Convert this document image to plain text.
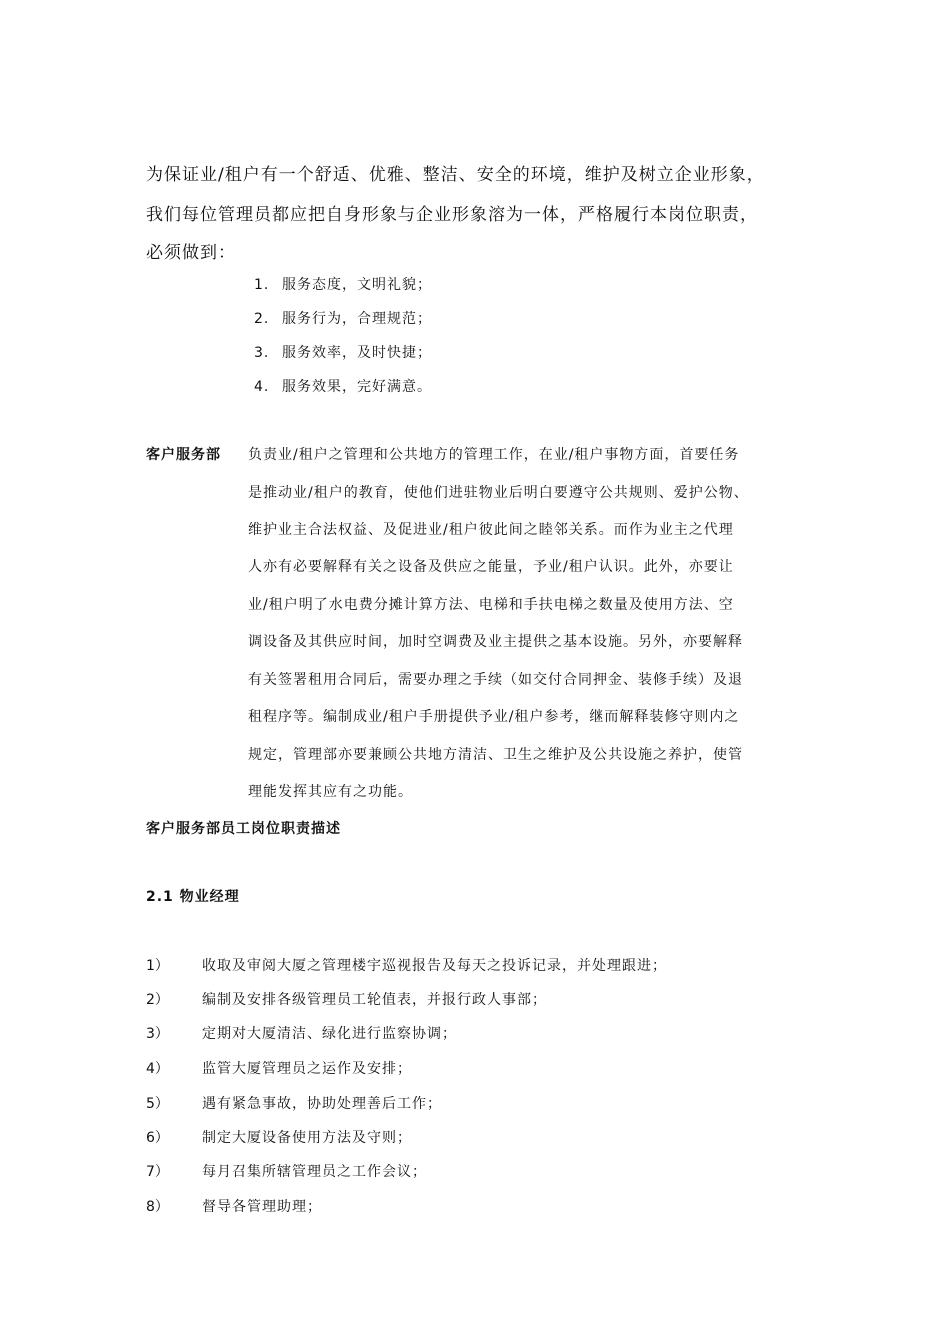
为保证业/租户有一个舒适、优雅、整洁、安全的环境，维护及树立企业形象，
我们每位管理员都应把自身形象与企业形象溶为一体，严格履行本岗位职责，
必须做到：
1. 服务态度，文明礼貌；
2. 服务行为，合理规范；
3. 服务效率，及时快捷；
4. 服务效果，完好满意。
客户服务部 负责业/租户之管理和公共地方的管理工作，在业/租户事物方面，首要任务
是推动业/租户的教育，使他们进驻物业后明白要遵守公共规则、爱护公物、
维护业主合法权益、及促进业/租户彼此间之睦邻关系。而作为业主之代理
人亦有必要解释有关之设备及供应之能量，予业/租户认识。此外，亦要让
业/租户明了水电费分摊计算方法、电梯和手扶电梯之数量及使用方法、空
调设备及其供应时间，加时空调费及业主提供之基本设施。另外，亦要解释
有关签署租用合同后，需要办理之手续（如交付合同押金、装修手续）及退
租程序等。编制成业/租户手册提供予业/租户参考，继而解释装修守则内之
规定，管理部亦要兼顾公共地方清洁、卫生之维护及公共设施之养护，使管
理能发挥其应有之功能。
客户服务部员工岗位职责描述
2.1 物业经理
1） 收取及审阅大厦之管理楼宇巡视报告及每天之投诉记录，并处理跟进；
2） 编制及安排各级管理员工轮值表，并报行政人事部；
3） 定期对大厦清洁、绿化进行监察协调；
4） 监管大厦管理员之运作及安排；
5） 遇有紧急事故，协助处理善后工作；
6） 制定大厦设备使用方法及守则；
7） 每月召集所辖管理员之工作会议；
8） 督导各管理助理；
